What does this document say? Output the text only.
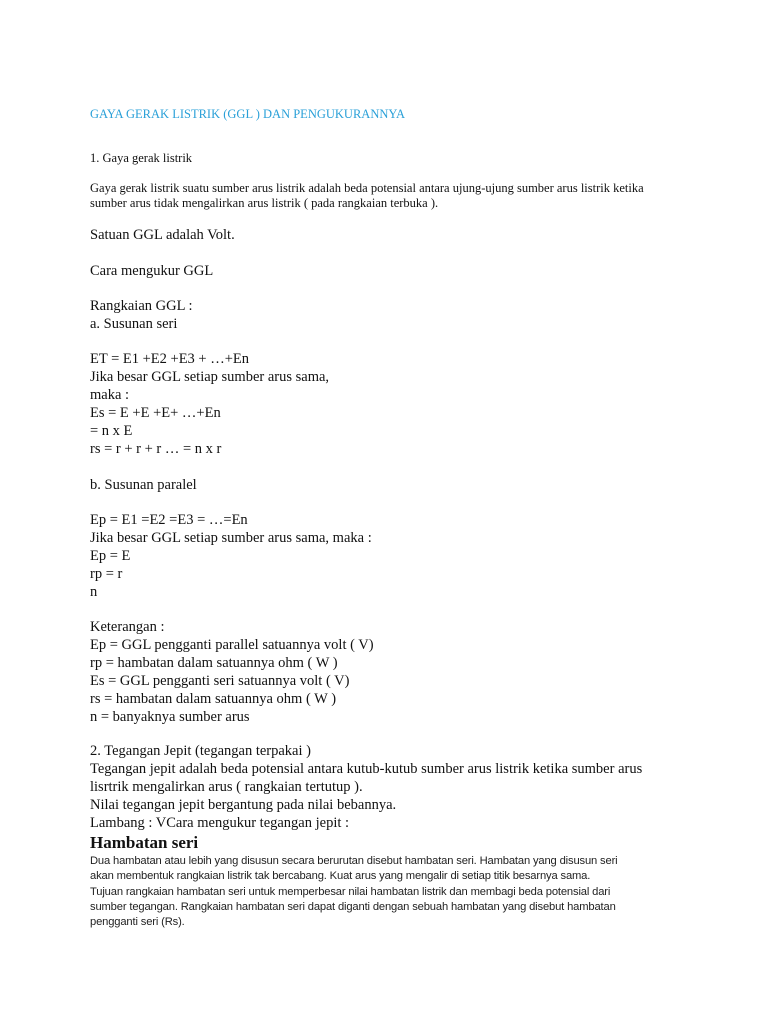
GAYA GERAK LISTRIK (GGL ) DAN PENGUKURANNYA
1. Gaya gerak listrik
Gaya gerak listrik suatu sumber arus listrik adalah beda potensial antara ujung-ujung sumber arus listrik ketika
sumber arus tidak mengalirkan arus listrik ( pada rangkaian terbuka ).
Satuan GGL adalah Volt.
Cara mengukur GGL
Rangkaian GGL :
a. Susunan seri
ET = E1 +E2 +E3 + …+En
Jika besar GGL setiap sumber arus sama,
maka :
Es = E +E +E+ …+En
= n x E
rs = r + r + r … = n x r
b. Susunan paralel
Ep = E1 =E2 =E3 = …=En
Jika besar GGL setiap sumber arus sama, maka :
Ep = E
rp = r
n
Keterangan :
Ep = GGL pengganti parallel satuannya volt ( V)
rp = hambatan dalam satuannya ohm ( W )
Es = GGL pengganti seri satuannya volt ( V)
rs = hambatan dalam satuannya ohm ( W )
n = banyaknya sumber arus
2. Tegangan Jepit (tegangan terpakai )
Tegangan jepit adalah beda potensial antara kutub-kutub sumber arus listrik ketika sumber arus
lisrtrik mengalirkan arus ( rangkaian tertutup ).
Nilai tegangan jepit bergantung pada nilai bebannya.
Lambang : VCara mengukur tegangan jepit :
Hambatan seri
Dua hambatan atau lebih yang disusun secara berurutan disebut hambatan seri. Hambatan yang disusun seri
akan membentuk rangkaian listrik tak bercabang. Kuat arus yang mengalir di setiap titik besarnya sama.
Tujuan rangkaian hambatan seri untuk memperbesar nilai hambatan listrik dan membagi beda potensial dari
sumber tegangan. Rangkaian hambatan seri dapat diganti dengan sebuah hambatan yang disebut hambatan
pengganti seri (Rs).
